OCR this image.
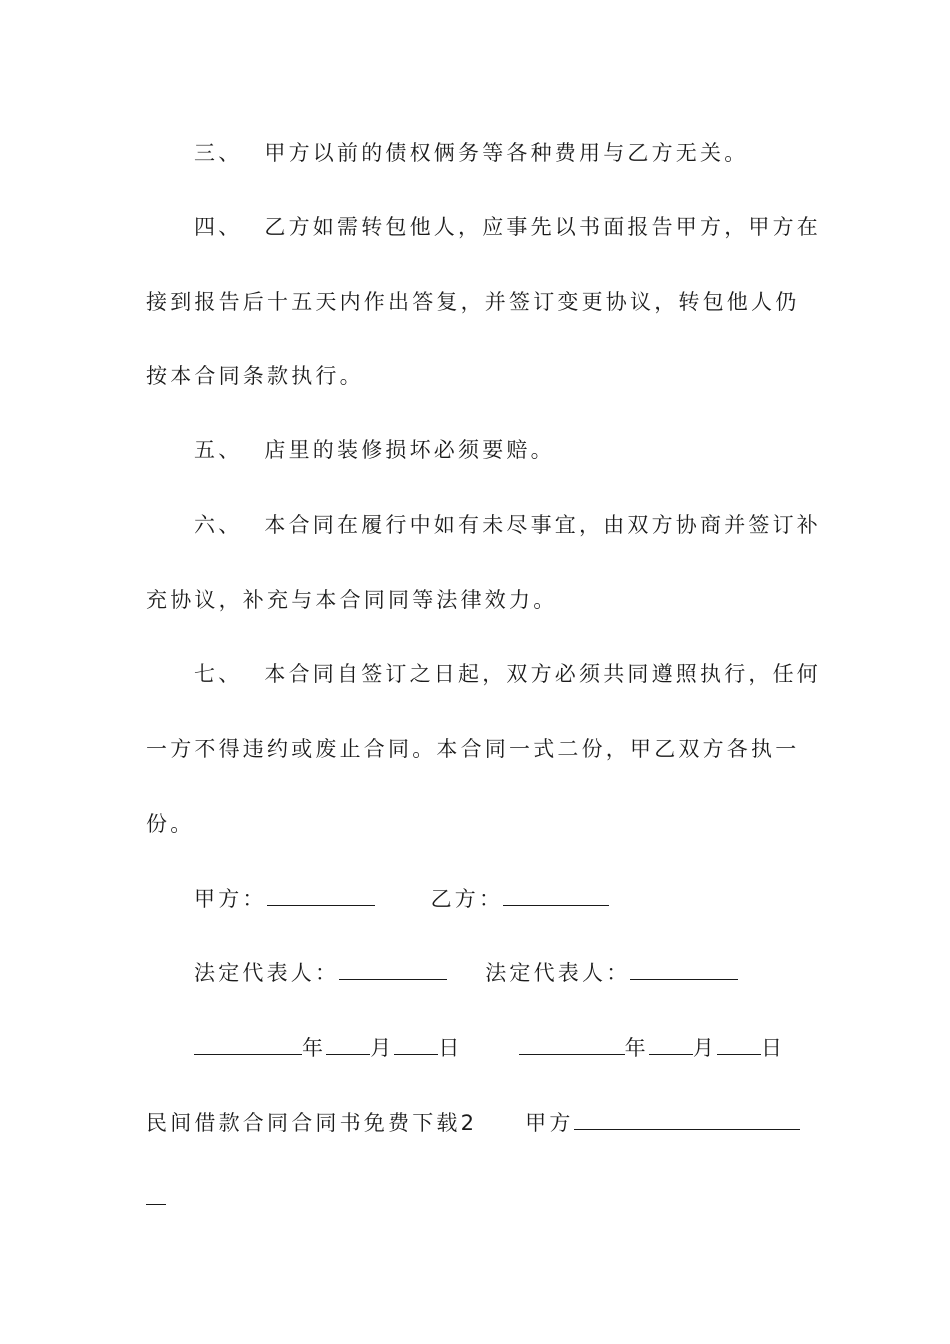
三、 甲方以前的债权俩务等各种费用与乙方无关。
四、 乙方如需转包他人，应事先以书面报告甲方，甲方在
接到报告后十五天内作出答复，并签订变更协议，转包他人仍
按本合同条款执行。
五、 店里的装修损坏必须要赔。
六、 本合同在履行中如有未尽事宜，由双方协商并签订补
充协议，补充与本合同同等法律效力。
七、 本合同自签订之日起，双方必须共同遵照执行，任何
一方不得违约或废止合同。本合同一式二份，甲乙双方各执一
份。
甲方：	乙方：
法定代表人：	法定代表人：
年 月 日	年 月 日
民间借款合同合同书免费下载2 甲方
